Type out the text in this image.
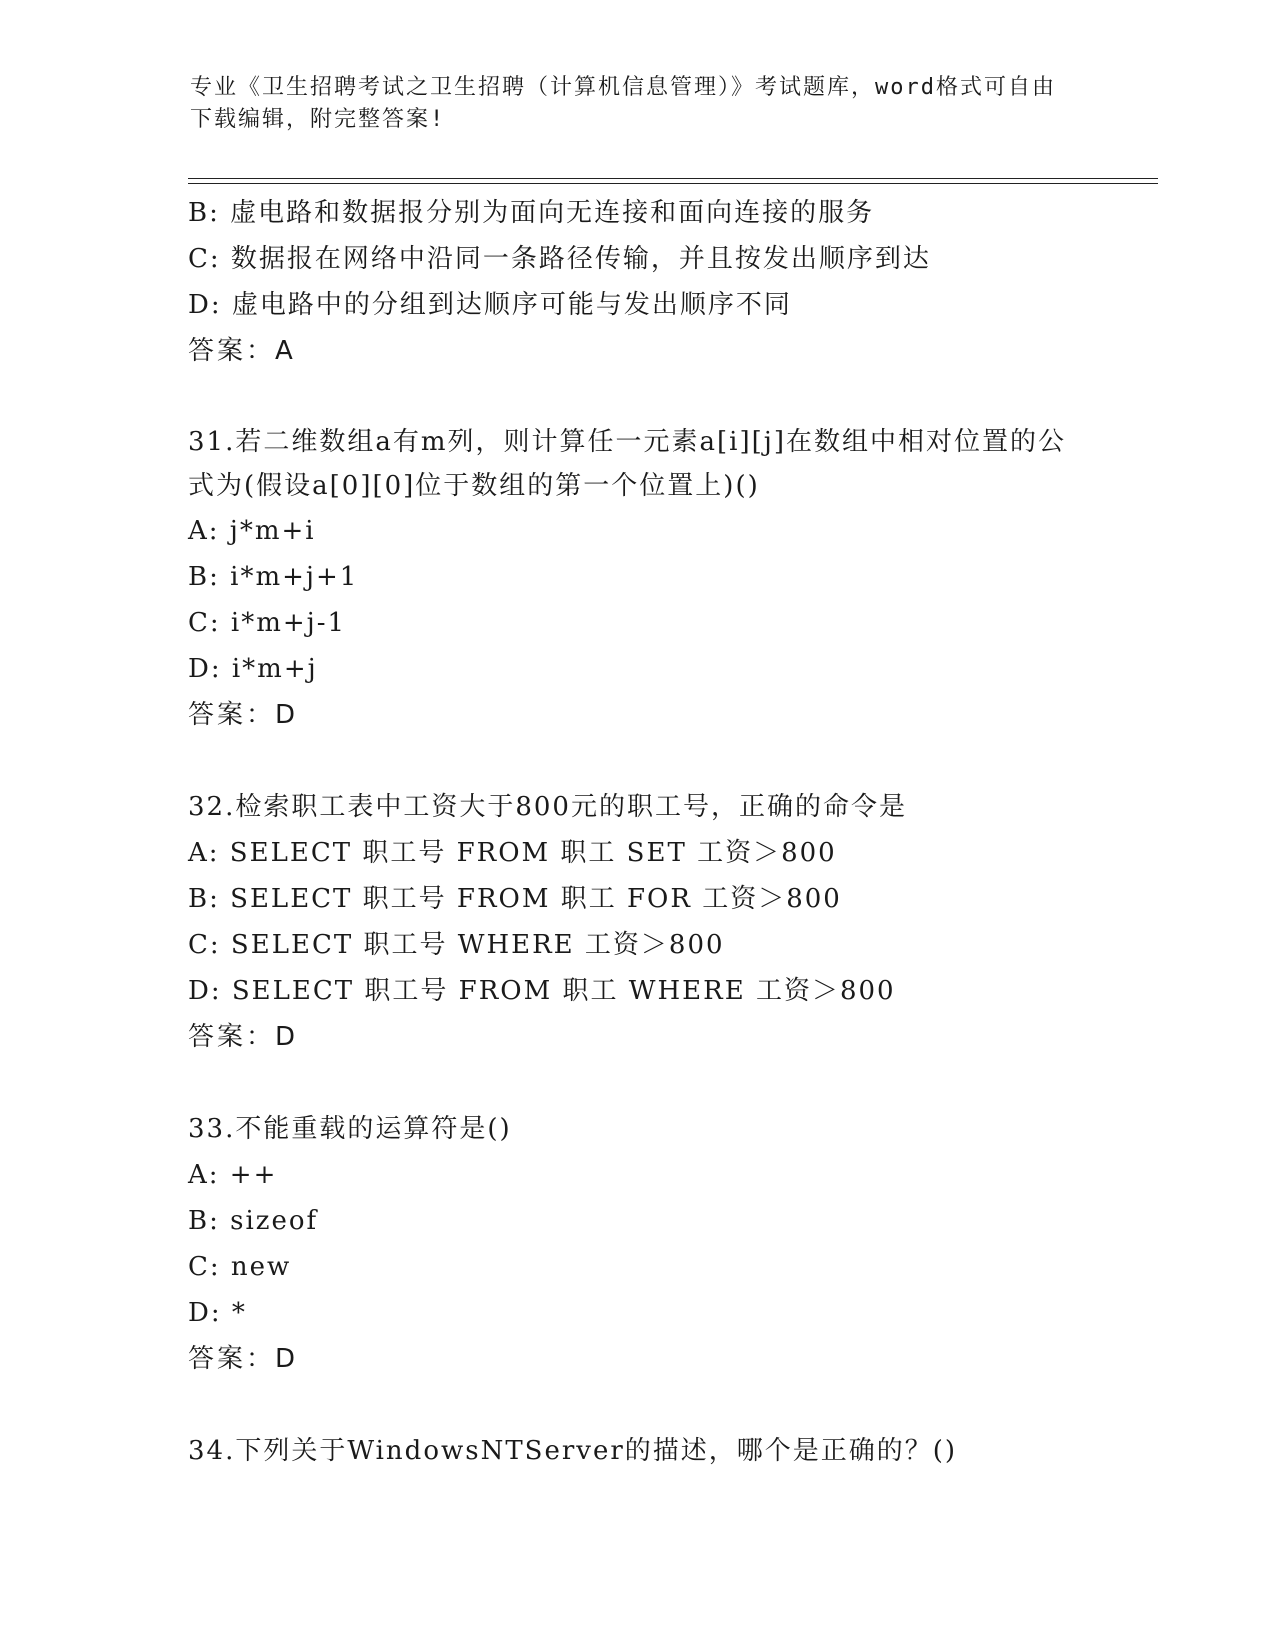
专业《卫生招聘考试之卫生招聘（计算机信息管理）》考试题库，word格式可自由下载编辑，附完整答案!
B: 虚电路和数据报分别为面向无连接和面向连接的服务
C: 数据报在网络中沿同一条路径传输，并且按发出顺序到达
D: 虚电路中的分组到达顺序可能与发出顺序不同
答案：A
31.若二维数组a有m列，则计算任一元素a[i][j]在数组中相对位置的公式为(假设a[0][0]位于数组的第一个位置上)()
A: j*m+i
B: i*m+j+1
C: i*m+j-1
D: i*m+j
答案：D
32.检索职工表中工资大于800元的职工号，正确的命令是
A: SELECT 职工号 FROM 职工 SET 工资＞800
B: SELECT 职工号 FROM 职工 FOR 工资＞800
C: SELECT 职工号 WHERE 工资＞800
D: SELECT 职工号 FROM 职工 WHERE 工资＞800
答案：D
33.不能重载的运算符是()
A: ++
B: sizeof
C: new
D: *
答案：D
34.下列关于WindowsNTServer的描述，哪个是正确的？()
